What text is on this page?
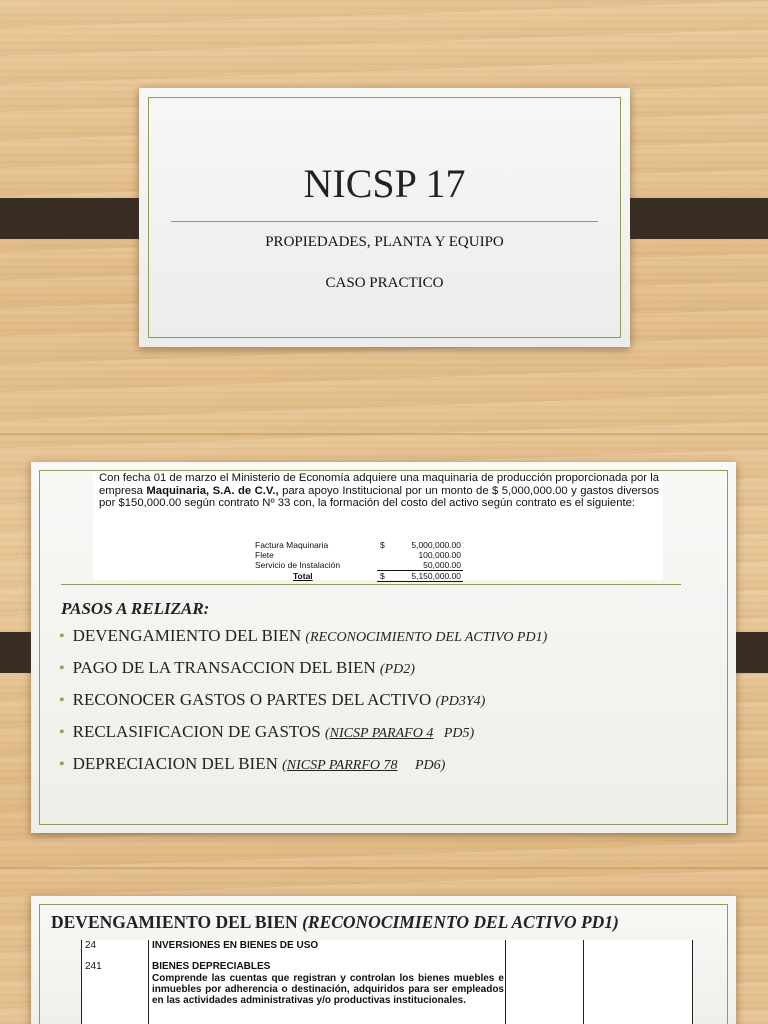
NICSP 17
PROPIEDADES, PLANTA Y EQUIPO
CASO PRACTICO

Con fecha 01 de marzo el Ministerio de Economía adquiere una maquinaria de producción proporcionada por la empresa Maquinaria, S.A. de C.V., para apoyo Institucional por un monto de $ 5,000,000.00 y gastos diversos por $150,000.00 según contrato Nº 33 con, la formación del costo del activo según contrato es el siguiente:

Factura Maquinaria	$	5,000,000.00
Flete	100,000.00
Servicio de Instalación	50,000.00
Total	$	5,150,000.00
PASOS A RELIZAR:
• DEVENGAMIENTO DEL BIEN (RECONOCIMIENTO DEL ACTIVO PD1)
• PAGO DE LA TRANSACCION DEL BIEN (PD2)
• RECONOCER GASTOS O PARTES DEL ACTIVO (PD3Y4)
• RECLASIFICACION DE GASTOS (NICSP PARAFO 4   PD5)
• DEPRECIACION DEL BIEN (NICSP PARRFO 78     PD6)
DEVENGAMIENTO DEL BIEN (RECONOCIMIENTO DEL ACTIVO PD1)
24	INVERSIONES EN BIENES DE USO
241	BIENES DEPRECIABLES
Comprende las cuentas que registran y controlan los bienes muebles e inmuebles por adherencia o destinación, adquiridos para ser empleados en las actividades administrativas y/o productivas institucionales.
